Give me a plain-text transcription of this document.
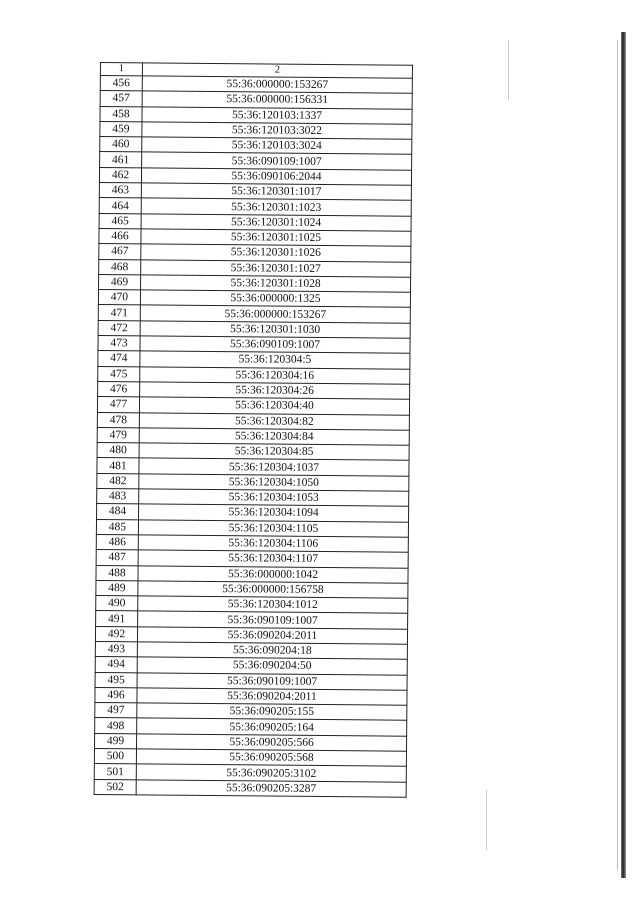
1	2
456	55:36:000000:153267
457	55:36:000000:156331
458	55:36:120103:1337
459	55:36:120103:3022
460	55:36:120103:3024
461	55:36:090109:1007
462	55:36:090106:2044
463	55:36:120301:1017
464	55:36:120301:1023
465	55:36:120301:1024
466	55:36:120301:1025
467	55:36:120301:1026
468	55:36:120301:1027
469	55:36:120301:1028
470	55:36:000000:1325
471	55:36:000000:153267
472	55:36:120301:1030
473	55:36:090109:1007
474	55:36:120304:5
475	55:36:120304:16
476	55:36:120304:26
477	55:36:120304:40
478	55:36:120304:82
479	55:36:120304:84
480	55:36:120304:85
481	55:36:120304:1037
482	55:36:120304:1050
483	55:36:120304:1053
484	55:36:120304:1094
485	55:36:120304:1105
486	55:36:120304:1106
487	55:36:120304:1107
488	55:36:000000:1042
489	55:36:000000:156758
490	55:36:120304:1012
491	55:36:090109:1007
492	55:36:090204:2011
493	55:36:090204:18
494	55:36:090204:50
495	55:36:090109:1007
496	55:36:090204:2011
497	55:36:090205:155
498	55:36:090205:164
499	55:36:090205:566
500	55:36:090205:568
501	55:36:090205:3102
502	55:36:090205:3287
